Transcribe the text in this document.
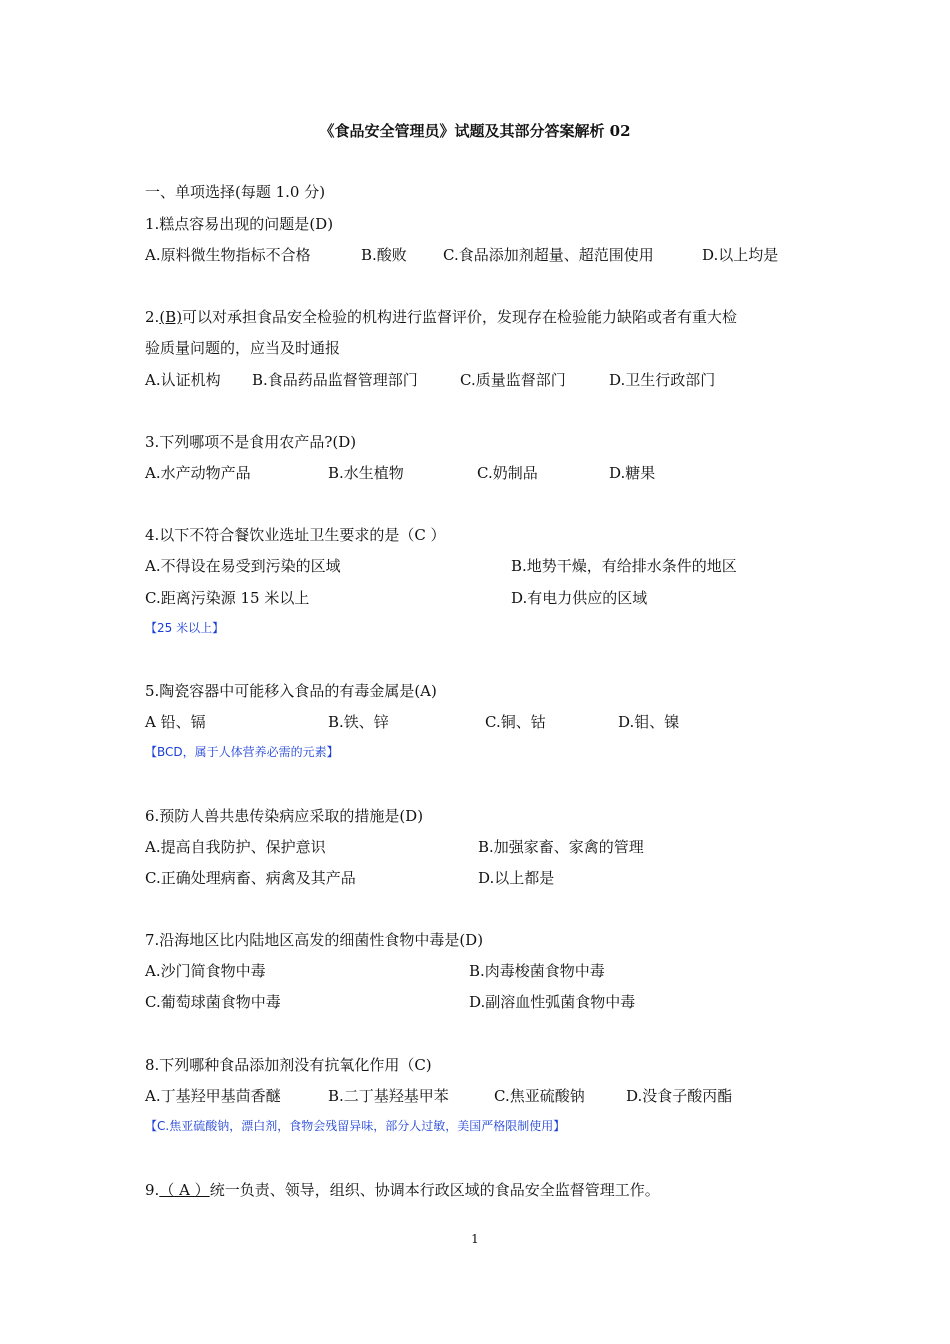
《食品安全管理员》试题及其部分答案解析 02
一、单项选择(每题 1.0 分)
1.糕点容易出现的问题是(D)
A.原料微生物指标不合格	B.酸败 C.食品添加剂超量、超范围使用	D.以上均是
2.(B)可以对承担食品安全检验的机构进行监督评价，发现存在检验能力缺陷或者有重大检
验质量问题的，应当及时通报
A.认证机构 B.食品药品监督管理部门	C.质量监督部门	D.卫生行政部门
3.下列哪项不是食用农产品?(D)
A.水产动物产品	B.水生植物	C.奶制品	D.糖果
4.以下不符合餐饮业选址卫生要求的是（C ）
A.不得设在易受到污染的区域	B.地势干燥，有给排水条件的地区
C.距离污染源 15 米以上	D.有电力供应的区域
【25 米以上】
5.陶瓷容器中可能移入食品的有毒金属是(A)
A 铅、镉	B.铁、锌	C.铜、钴	D.钼、镍
【BCD，属于人体营养必需的元素】
6.预防人兽共患传染病应采取的措施是(D)
A.提高自我防护、保护意识	B.加强家畜、家禽的管理
C.正确处理病畜、病禽及其产品	D.以上都是
7.沿海地区比内陆地区高发的细菌性食物中毒是(D)
A.沙门简食物中毒	B.肉毒梭菌食物中毒
C.葡萄球菌食物中毒	D.副溶血性弧菌食物中毒
8.下列哪种食品添加剂没有抗氧化作用（C)
A.丁基羟甲基茴香醚	B.二丁基羟基甲苯	C.焦亚硫酸钠	D.没食子酸丙酯
【C.焦亚硫酸钠，漂白剂，食物会残留异味，部分人过敏，美国严格限制使用】
9.（ A ）统一负责、领导，组织、协调本行政区域的食品安全监督管理工作。
1
